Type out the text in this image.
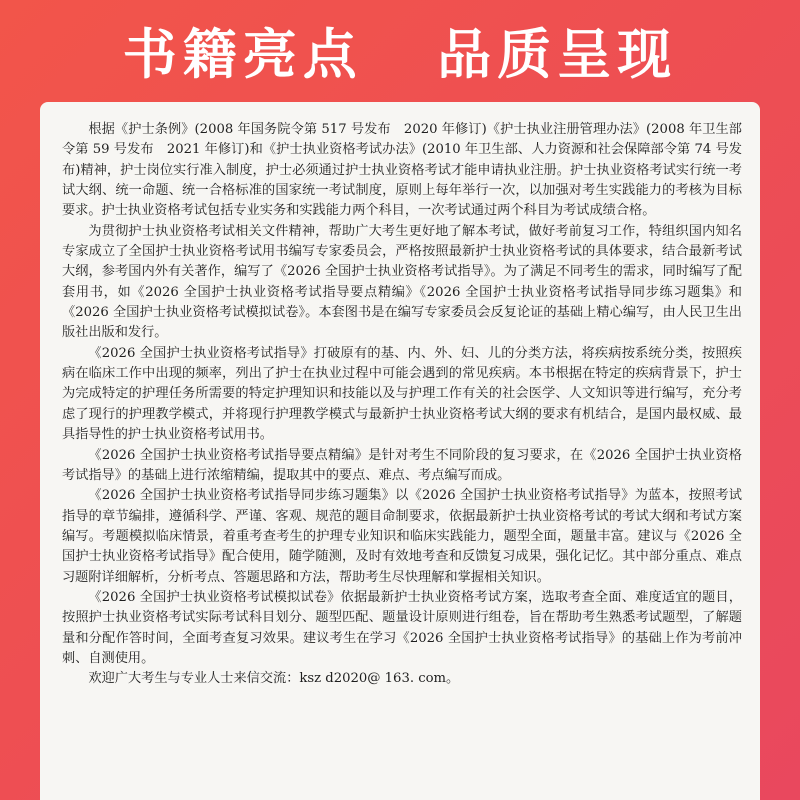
书籍亮点   品质呈现

根据《护士条例》(2008 年国务院令第 517 号发布　2020 年修订)《护士执业注册管理办法》(2008 年卫生部令第 59 号发布　2021 年修订)和《护士执业资格考试办法》(2010 年卫生部、人力资源和社会保障部令第 74 号发布)精神，护士岗位实行准入制度，护士必须通过护士执业资格考试才能申请执业注册。护士执业资格考试实行统一考试大纲、统一命题、统一合格标准的国家统一考试制度，原则上每年举行一次，以加强对考生实践能力的考核为目标要求。护士执业资格考试包括专业实务和实践能力两个科目，一次考试通过两个科目为考试成绩合格。

为贯彻护士执业资格考试相关文件精神，帮助广大考生更好地了解本考试，做好考前复习工作，特组织国内知名专家成立了全国护士执业资格考试用书编写专家委员会，严格按照最新护士执业资格考试的具体要求，结合最新考试大纲，参考国内外有关著作，编写了《2026 全国护士执业资格考试指导》。为了满足不同考生的需求，同时编写了配套用书，如《2026 全国护士执业资格考试指导要点精编》《2026 全国护士执业资格考试指导同步练习题集》和《2026 全国护士执业资格考试模拟试卷》。本套图书是在编写专家委员会反复论证的基础上精心编写，由人民卫生出版社出版和发行。

《2026 全国护士执业资格考试指导》打破原有的基、内、外、妇、儿的分类方法，将疾病按系统分类，按照疾病在临床工作中出现的频率，列出了护士在执业过程中可能会遇到的常见疾病。本书根据在特定的疾病背景下，护士为完成特定的护理任务所需要的特定护理知识和技能以及与护理工作有关的社会医学、人文知识等进行编写，充分考虑了现行的护理教学模式，并将现行护理教学模式与最新护士执业资格考试大纲的要求有机结合，是国内最权威、最具指导性的护士执业资格考试用书。

《2026 全国护士执业资格考试指导要点精编》是针对考生不同阶段的复习要求，在《2026 全国护士执业资格考试指导》的基础上进行浓缩精编，提取其中的要点、难点、考点编写而成。

《2026 全国护士执业资格考试指导同步练习题集》以《2026 全国护士执业资格考试指导》为蓝本，按照考试指导的章节编排，遵循科学、严谨、客观、规范的题目命制要求，依据最新护士执业资格考试的考试大纲和考试方案编写。考题模拟临床情景，着重考查考生的护理专业知识和临床实践能力，题型全面，题量丰富。建议与《2026 全国护士执业资格考试指导》配合使用，随学随测，及时有效地考查和反馈复习成果，强化记忆。其中部分重点、难点习题附详细解析，分析考点、答题思路和方法，帮助考生尽快理解和掌握相关知识。

《2026 全国护士执业资格考试模拟试卷》依据最新护士执业资格考试方案，选取考查全面、难度适宜的题目，按照护士执业资格考试实际考试科目划分、题型匹配、题量设计原则进行组卷，旨在帮助考生熟悉考试题型，了解题量和分配作答时间，全面考查复习效果。建议考生在学习《2026 全国护士执业资格考试指导》的基础上作为考前冲刺、自测使用。

欢迎广大考生与专业人士来信交流：ksz d2020@ 163. com。
